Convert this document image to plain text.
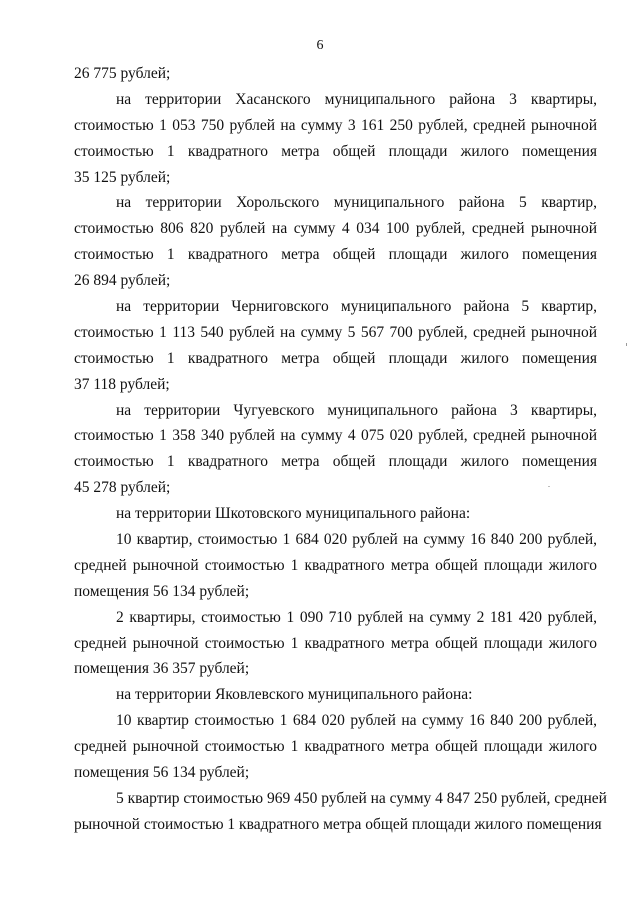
6
26 775 рублей;
на территории Хасанского муниципального района 3 квартиры,
стоимостью 1 053 750 рублей на сумму 3 161 250 рублей, средней рыночной
стоимостью 1 квадратного метра общей площади жилого помещения
35 125 рублей;
на территории Хорольского муниципального района 5 квартир,
стоимостью 806 820 рублей на сумму 4 034 100 рублей, средней рыночной
стоимостью 1 квадратного метра общей площади жилого помещения
26 894 рублей;
на территории Черниговского муниципального района 5 квартир,
стоимостью 1 113 540 рублей на сумму 5 567 700 рублей, средней рыночной
стоимостью 1 квадратного метра общей площади жилого помещения
37 118 рублей;
на территории Чугуевского муниципального района 3 квартиры,
стоимостью 1 358 340 рублей на сумму 4 075 020 рублей, средней рыночной
стоимостью 1 квадратного метра общей площади жилого помещения
45 278 рублей;
на территории Шкотовского муниципального района:
10 квартир, стоимостью 1 684 020 рублей на сумму 16 840 200 рублей,
средней рыночной стоимостью 1 квадратного метра общей площади жилого
помещения 56 134 рублей;
2 квартиры, стоимостью 1 090 710 рублей на сумму 2 181 420 рублей,
средней рыночной стоимостью 1 квадратного метра общей площади жилого
помещения 36 357 рублей;
на территории Яковлевского муниципального района:
10 квартир стоимостью 1 684 020 рублей на сумму 16 840 200 рублей,
средней рыночной стоимостью 1 квадратного метра общей площади жилого
помещения 56 134 рублей;
5 квартир стоимостью 969 450 рублей на сумму 4 847 250 рублей, средней
рыночной стоимостью 1 квадратного метра общей площади жилого помещения
